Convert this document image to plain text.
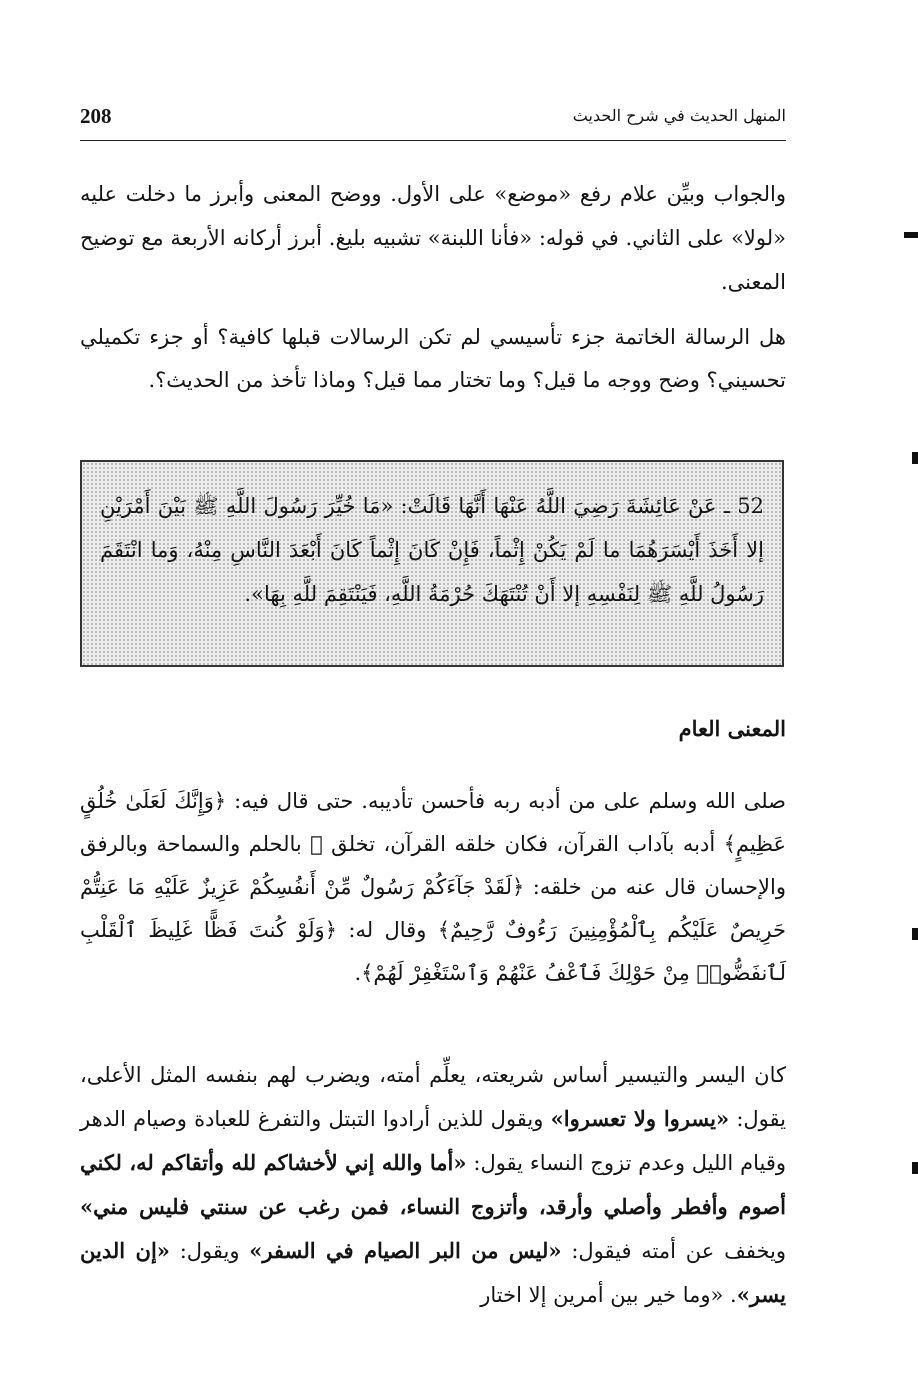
208	المنهل الحديث في شرح الحديث

والجواب وبيِّن علام رفع «موضع» على الأول. ووضح المعنى وأبرز ما دخلت عليه «لولا» على الثاني. في قوله: «فأنا اللبنة» تشبيه بليغ. أبرز أركانه الأربعة مع توضيح المعنى.

هل الرسالة الخاتمة جزء تأسيسي لم تكن الرسالات قبلها كافية؟ أو جزء تكميلي تحسيني؟ وضح ووجه ما قيل؟ وما تختار مما قيل؟ وماذا تأخذ من الحديث؟.

52 ـ عَنْ عَائِشَةَ رَضِيَ اللَّهُ عَنْهَا أَنَّهَا قَالَتْ: «مَا خُيِّرَ رَسُولَ اللَّهِ ﷺ بَيْنَ أَمْرَيْنِ إلا أَخَذَ أَيْسَرَهُمَا ما لَمْ يَكُنْ إِثْماً، فَإِنْ كَانَ إِثْماً كَانَ أَبْعَدَ النَّاسِ مِنْهُ، وَما انْتَقَمَ رَسُولُ للَّهِ ﷺ لِنَفْسِهِ إلا أَنْ تُنْتَهَكَ حُرْمَةُ اللَّهِ، فَيَنْتَقِمَ للَّهِ بِهَا».

المعنى العام

صلى الله وسلم على من أدبه ربه فأحسن تأديبه. حتى قال فيه: ﴿وَإِنَّكَ لَعَلَىٰ خُلُقٍ عَظِيمٍ﴾ أدبه بآداب القرآن، فكان خلقه القرآن، تخلق ﷺ بالحلم والسماحة وبالرفق والإحسان قال عنه من خلقه: ﴿لَقَدْ جَآءَكُمْ رَسُولٌ مِّنْ أَنفُسِكُمْ عَزِيزٌ عَلَيْهِ مَا عَنِتُّمْ حَرِيصٌ عَلَيْكُم بِٱلْمُؤْمِنِينَ رَءُوفٌ رَّحِيمٌ﴾ وقال له: ﴿وَلَوْ كُنتَ فَظًّا غَلِيظَ ٱلْقَلْبِ لَٱنفَضُّوا۟ مِنْ حَوْلِكَ فَٱعْفُ عَنْهُمْ وَٱسْتَغْفِرْ لَهُمْ﴾.

كان اليسر والتيسير أساس شريعته، يعلِّم أمته، ويضرب لهم بنفسه المثل الأعلى، يقول: «يسروا ولا تعسروا» ويقول للذين أرادوا التبتل والتفرغ للعبادة وصيام الدهر وقيام الليل وعدم تزوج النساء يقول: «أما والله إني لأخشاكم لله وأتقاكم له، لكني أصوم وأفطر وأصلي وأرقد، وأتزوج النساء، فمن رغب عن سنتي فليس مني» ويخفف عن أمته فيقول: «ليس من البر الصيام في السفر» ويقول: «إن الدين يسر». «وما خير بين أمرين إلا اختار
